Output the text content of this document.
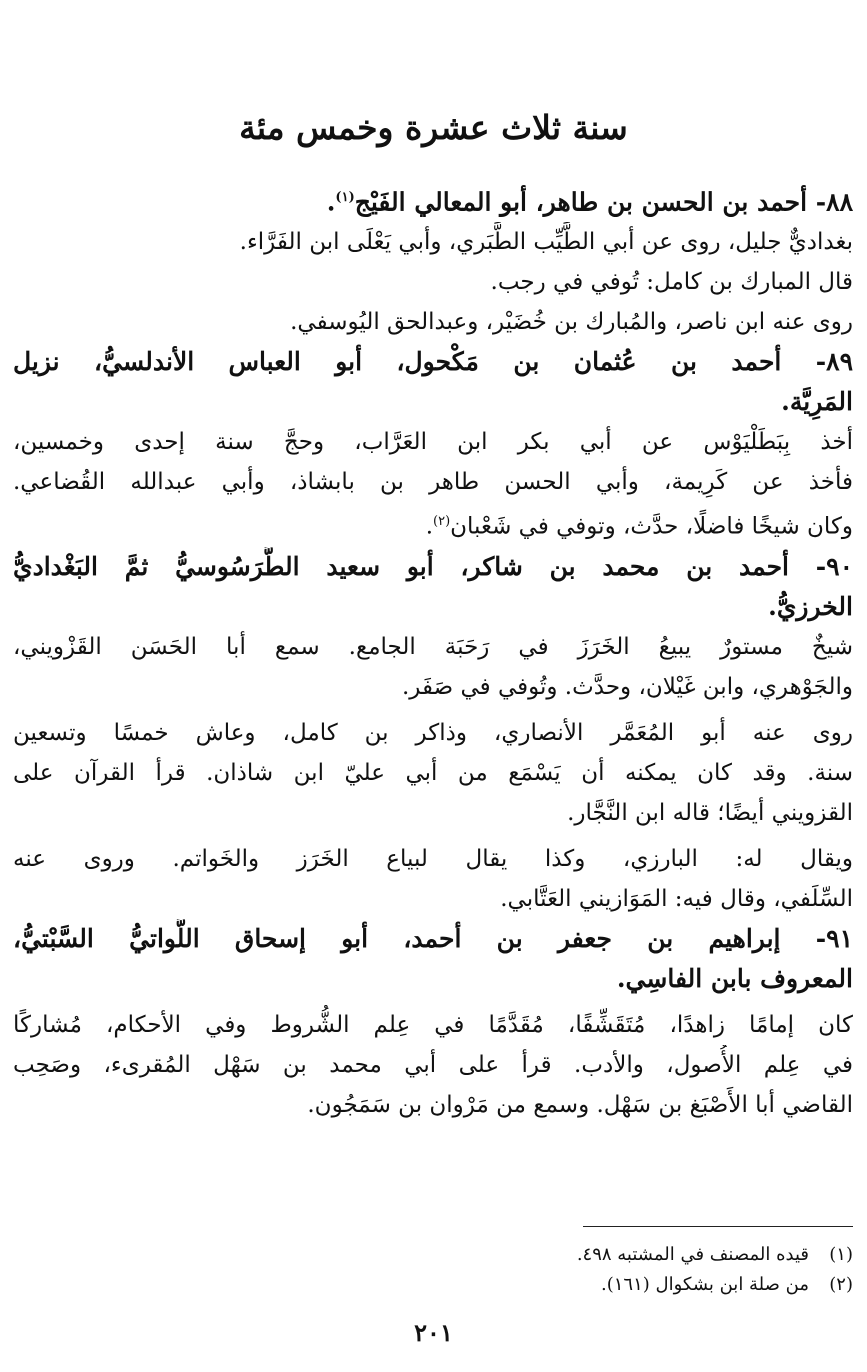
سنة ثلاث عشرة وخمس مئة
٨٨- أحمد بن الحسن بن طاهر، أبو المعالي الفَيْج$^{(١)}$.
بغداديٌّ جليل، روى عن أبي الطَّيِّب الطَّبَري، وأبي يَعْلَى ابن الفَرَّاء.
قال المبارك بن كامل: تُوفي في رجب.
روى عنه ابن ناصر، والمُبارك بن خُضَيْر، وعبدالحق اليُوسفي.
٨٩- أحمد بن عُثمان بن مَكْحول، أبو العباس الأندلسيُّ، نزيل
المَرِيَّة.
أخذ بِبَطَلْيَوْس عن أبي بكر ابن العَرَّاب، وحجَّ سنة إحدى وخمسين،
فأخذ عن كَرِيمة، وأبي الحسن طاهر بن بابشاذ، وأبي عبدالله القُضاعي.
وكان شيخًا فاضلًا، حدَّث، وتوفي في شَعْبان$^{(٢)}$.
٩٠- أحمد بن محمد بن شاكر، أبو سعيد الطَّرَسُوسيُّ ثمَّ البَغْداديُّ
الخرزيُّ.
شيخٌ مستورٌ يبيعُ الخَرَزَ في رَحَبَة الجامع. سمع أبا الحَسَن القَزْويني،
والجَوْهري، وابن غَيْلان، وحدَّث. وتُوفي في صَفَر.
روى عنه أبو المُعَمَّر الأنصاري، وذاكر بن كامل، وعاش خمسًا وتسعين
سنة. وقد كان يمكنه أن يَسْمَع من أبي عليّ ابن شاذان. قرأ القرآن على
القزويني أيضًا؛ قاله ابن النَّجَّار.
ويقال له: البارزي، وكذا يقال لبياع الخَرَز والخَواتم. وروى عنه
السِّلَفي، وقال فيه: المَوَازيني العَتَّابي.
٩١- إبراهيم بن جعفر بن أحمد، أبو إسحاق اللَّواتيُّ السَّبْتيُّ،
المعروف بابن الفاسِي.
كان إمامًا زاهدًا، مُتَقَشِّفًا، مُقَدَّمًا في عِلم الشُّروط وفي الأحكام، مُشاركًا
في عِلم الأُصول، والأدب. قرأ على أبي محمد بن سَهْل المُقرىء، وصَحِب
القاضي أبا الأَصْبَغ بن سَهْل. وسمع من مَرْوان بن سَمَجُون.
(١)قيده المصنف في المشتبه ٤٩٨.
(٢)من صلة ابن بشكوال (١٦١).
٢٠١
